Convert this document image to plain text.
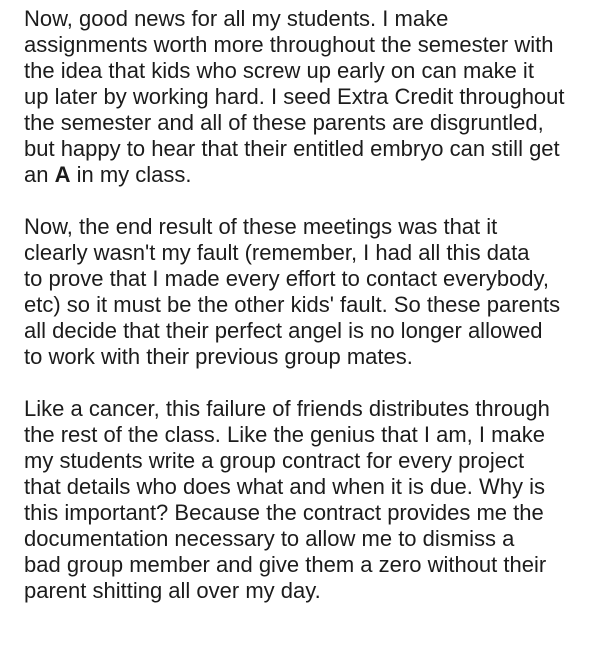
Now, good news for all my students. I make
assignments worth more throughout the semester with
the idea that kids who screw up early on can make it
up later by working hard. I seed Extra Credit throughout
the semester and all of these parents are disgruntled,
but happy to hear that their entitled embryo can still get
an A in my class.
Now, the end result of these meetings was that it
clearly wasn't my fault (remember, I had all this data
to prove that I made every effort to contact everybody,
etc) so it must be the other kids' fault. So these parents
all decide that their perfect angel is no longer allowed
to work with their previous group mates.
Like a cancer, this failure of friends distributes through
the rest of the class. Like the genius that I am, I make
my students write a group contract for every project
that details who does what and when it is due. Why is
this important? Because the contract provides me the
documentation necessary to allow me to dismiss a
bad group member and give them a zero without their
parent shitting all over my day.
